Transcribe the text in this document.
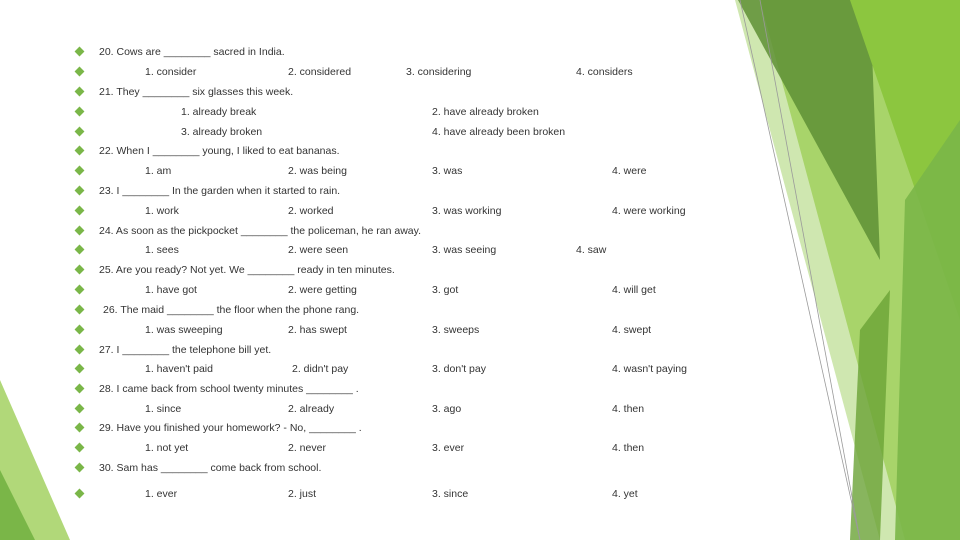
20. Cows are ________ sacred in India.
1. consider	2. considered	3. considering	4. considers
21. They ________ six glasses this week.
1. already break	2. have already broken
3. already broken	4. have already been broken
22. When I ________ young, I liked to eat bananas.
1. am	2. was being	3. was	4. were
23. I ________ In the garden when it started to rain.
1. work	2. worked	3. was working	4. were working
24. As soon as the pickpocket ________ the policeman, he ran away.
1. sees	2. were seen	3. was seeing	4. saw
25. Are you ready? Not yet. We ________ ready in ten minutes.
1. have got	2. were getting	3. got	4. will get
26. The maid ________ the floor when the phone rang.
1. was sweeping	2. has swept	3. sweeps	4. swept
27. I ________ the telephone bill yet.
1. haven't paid	2. didn't pay	3. don't pay	4. wasn't paying
28. I came back from school twenty minutes ________ .
1. since	2. already	3. ago	4. then
29. Have you finished your homework? - No, ________ .
1. not yet	2. never	3. ever	4. then
30. Sam has ________ come back from school.
1. ever	2. just	3. since	4. yet
